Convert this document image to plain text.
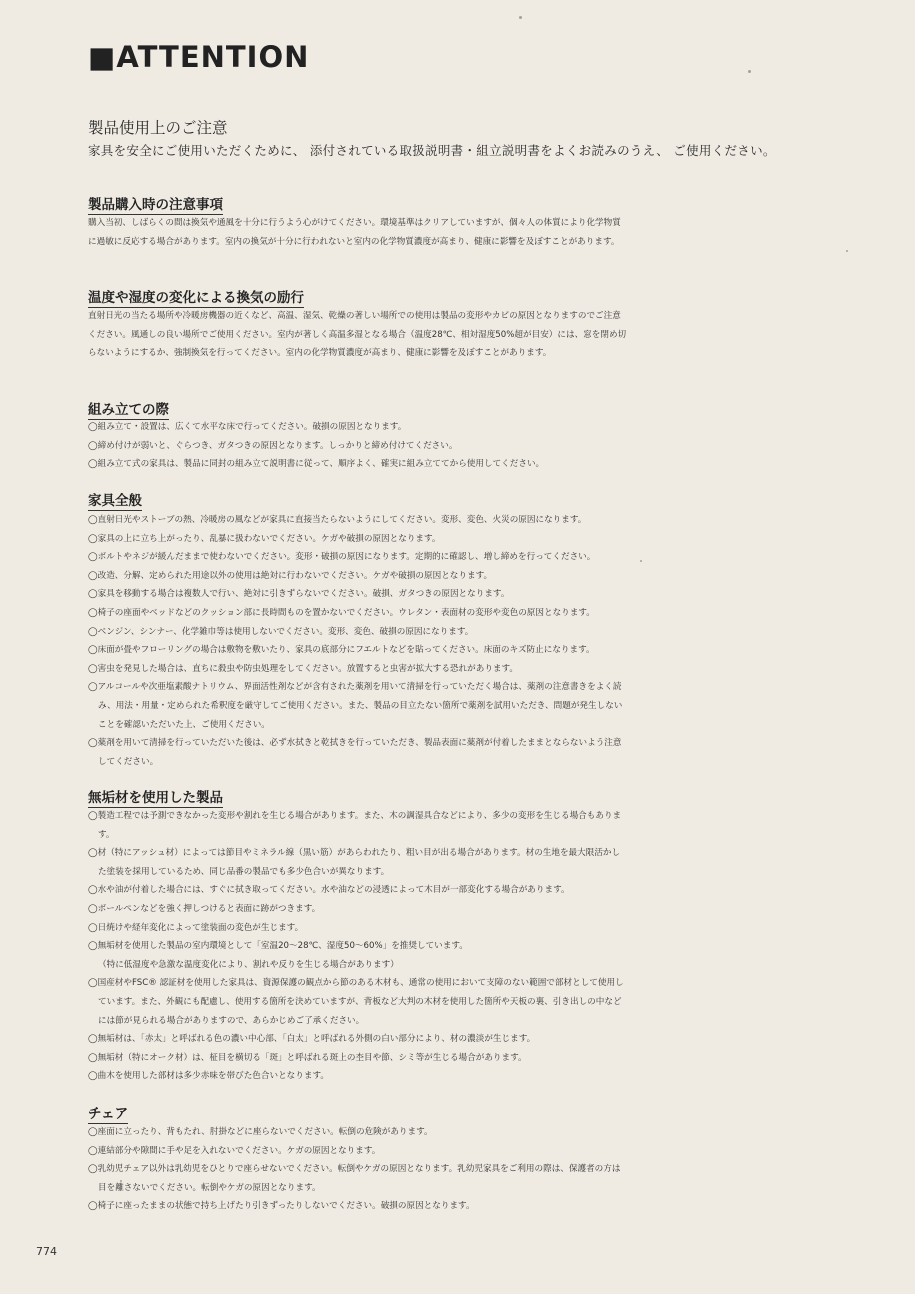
■ATTENTION
製品使用上のご注意
家具を安全にご使用いただくために、 添付されている取扱説明書・組立説明書をよくお読みのうえ、 ご使用ください。
製品購入時の注意事項

購入当初、しばらくの間は換気や通風を十分に行うよう心がけてください。環境基準はクリアしていますが、個々人の体質により化学物質に過敏に反応する場合があります。室内の換気が十分に行われないと室内の化学物質濃度が高まり、健康に影響を及ぼすことがあります。

温度や湿度の変化による換気の励行

直射日光の当たる場所や冷暖房機器の近くなど、高温、湿気、乾燥の著しい場所での使用は製品の変形やカビの原因となりますのでご注意ください。風通しの良い場所でご使用ください。室内が著しく高温多湿となる場合（温度28℃、相対湿度50%超が目安）には、窓を閉め切らないようにするか、強制換気を行ってください。室内の化学物質濃度が高まり、健康に影響を及ぼすことがあります。

組み立ての際
◯組み立て・設置は、広くて水平な床で行ってください。破損の原因となります。
◯締め付けが弱いと、ぐらつき、ガタつきの原因となります。しっかりと締め付けてください。
◯組み立て式の家具は、製品に同封の組み立て説明書に従って、順序よく、確実に組み立ててから使用してください。
家具全般
◯直射日光やストーブの熱、冷暖房の風などが家具に直接当たらないようにしてください。変形、変色、火災の原因になります。
◯家具の上に立ち上がったり、乱暴に扱わないでください。ケガや破損の原因となります。
◯ボルトやネジが緩んだままで使わないでください。変形・破損の原因になります。定期的に確認し、増し締めを行ってください。
◯改造、分解、定められた用途以外の使用は絶対に行わないでください。ケガや破損の原因となります。
◯家具を移動する場合は複数人で行い、絶対に引きずらないでください。破損、ガタつきの原因となります。
◯椅子の座面やベッドなどのクッション部に長時間ものを置かないでください。ウレタン・表面材の変形や変色の原因となります。
◯ベンジン、シンナー、化学雑巾等は使用しないでください。変形、変色、破損の原因になります。
◯床面が畳やフローリングの場合は敷物を敷いたり、家具の底部分にフエルトなどを貼ってください。床面のキズ防止になります。
◯害虫を発見した場合は、直ちに殺虫や防虫処理をしてください。放置すると虫害が拡大する恐れがあります。
◯アルコールや次亜塩素酸ナトリウム、界面活性剤などが含有された薬剤を用いて清掃を行っていただく場合は、薬剤の注意書きをよく読み、用法・用量・定められた希釈度を厳守してご使用ください。また、製品の目立たない箇所で薬剤を試用いただき、問題が発生しないことを確認いただいた上、ご使用ください。
◯薬剤を用いて清掃を行っていただいた後は、必ず水拭きと乾拭きを行っていただき、製品表面に薬剤が付着したままとならないよう注意してください。
無垢材を使用した製品
◯製造工程では予測できなかった変形や割れを生じる場合があります。また、木の調湿具合などにより、多少の変形を生じる場合もあります。
◯材（特にアッシュ材）によっては節目やミネラル線（黒い筋）があらわれたり、粗い目が出る場合があります。材の生地を最大限活かした塗装を採用しているため、同じ品番の製品でも多少色合いが異なります。
◯水や油が付着した場合には、すぐに拭き取ってください。水や油などの浸透によって木目が一部変化する場合があります。
◯ボールペンなどを強く押しつけると表面に跡がつきます。
◯日焼けや経年変化によって塗装面の変色が生じます。
◯無垢材を使用した製品の室内環境として「室温20～28℃、湿度50～60%」を推奨しています。
（特に低湿度や急激な温度変化により、割れや反りを生じる場合があります）
◯国産材やFSC® 認証材を使用した家具は、資源保護の観点から節のある木材も、通常の使用において支障のない範囲で部材として使用しています。また、外観にも配慮し、使用する箇所を決めていますが、背板など大判の木材を使用した箇所や天板の裏、引き出しの中などには節が見られる場合がありますので、あらかじめご了承ください。
◯無垢材は、「赤太」と呼ばれる色の濃い中心部、「白太」と呼ばれる外側の白い部分により、材の濃淡が生じます。
◯無垢材（特にオーク材）は、柾目を横切る「斑」と呼ばれる斑上の杢目や節、シミ等が生じる場合があります。
◯曲木を使用した部材は多少赤味を帯びた色合いとなります。
チェア
◯座面に立ったり、背もたれ、肘掛などに座らないでください。転倒の危険があります。
◯連結部分や隙間に手や足を入れないでください。ケガの原因となります。
◯乳幼児チェア以外は乳幼児をひとりで座らせないでください。転倒やケガの原因となります。乳幼児家具をご利用の際は、保護者の方は目を離さないでください。転倒やケガの原因となります。
◯椅子に座ったままの状態で持ち上げたり引きずったりしないでください。破損の原因となります。
774
